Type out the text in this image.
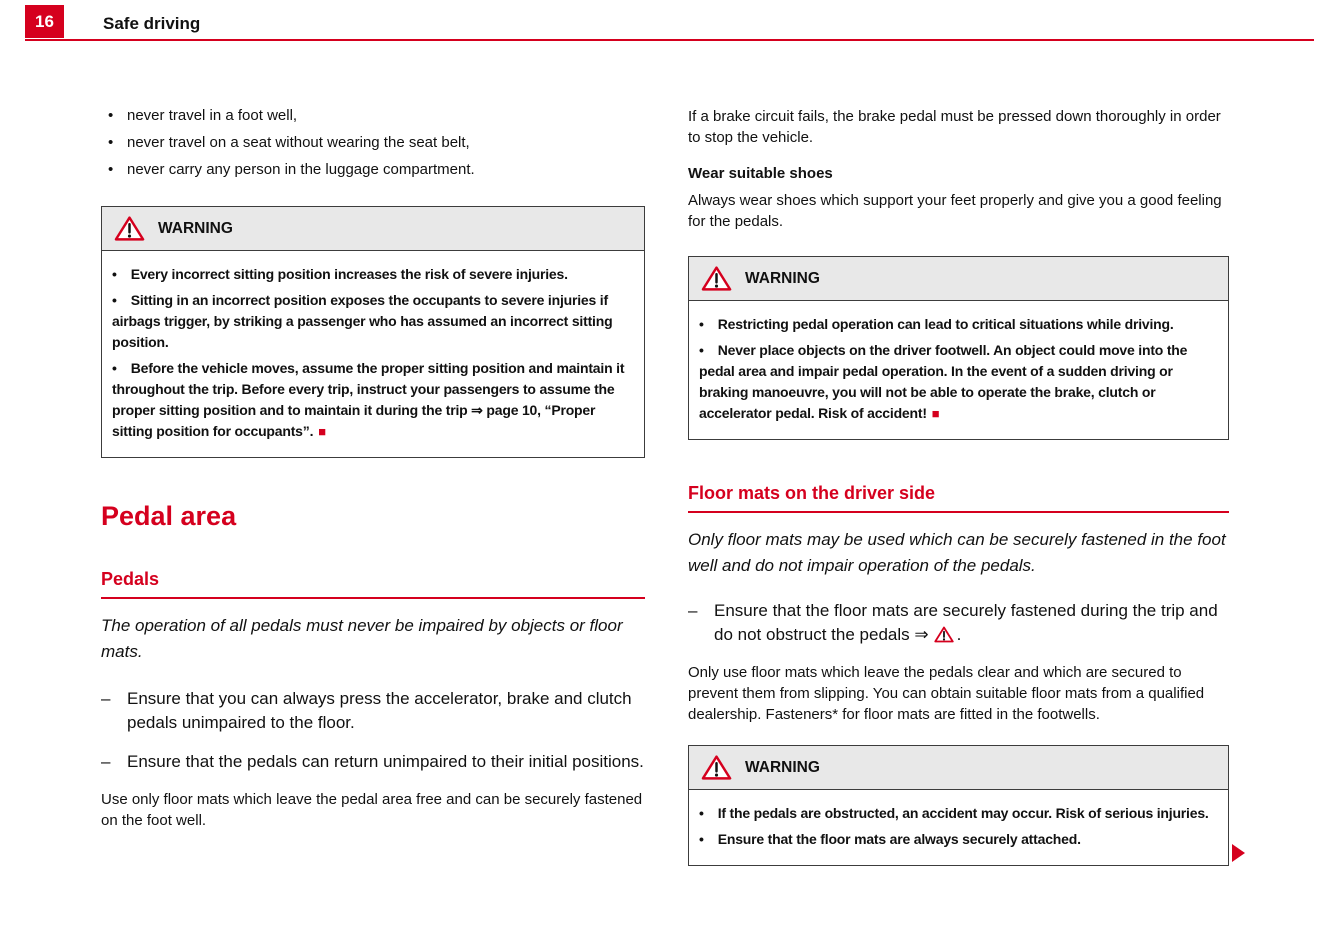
16	Safe driving
• never travel in a foot well,
• never travel on a seat without wearing the seat belt,
• never carry any person in the luggage compartment.
WARNING

• Every incorrect sitting position increases the risk of severe injuries.

• Sitting in an incorrect position exposes the occupants to severe injuries if airbags trigger, by striking a passenger who has assumed an incorrect sitting position.

• Before the vehicle moves, assume the proper sitting position and maintain it throughout the trip. Before every trip, instruct your passengers to assume the proper sitting position and to maintain it during the trip ⇒ page 10, “Proper sitting position for occupants”. ■

Pedal area
Pedals

The operation of all pedals must never be impaired by objects or floor mats.

– Ensure that you can always press the accelerator, brake and clutch pedals unimpaired to the floor.
– Ensure that the pedals can return unimpaired to their initial positions.

Use only floor mats which leave the pedal area free and can be securely fastened on the foot well.

If a brake circuit fails, the brake pedal must be pressed down thoroughly in order to stop the vehicle.

Wear suitable shoes

Always wear shoes which support your feet properly and give you a good feeling for the pedals.

WARNING

• Restricting pedal operation can lead to critical situations while driving.

• Never place objects on the driver footwell. An object could move into the pedal area and impair pedal operation. In the event of a sudden driving or braking manoeuvre, you will not be able to operate the brake, clutch or accelerator pedal. Risk of accident! ■

Floor mats on the driver side

Only floor mats may be used which can be securely fastened in the foot well and do not impair operation of the pedals.

– Ensure that the floor mats are securely fastened during the trip and do not obstruct the pedals ⇒ .

Only use floor mats which leave the pedals clear and which are secured to prevent them from slipping. You can obtain suitable floor mats from a qualified dealership. Fasteners* for floor mats are fitted in the footwells.

WARNING

• If the pedals are obstructed, an accident may occur. Risk of serious injuries.

• Ensure that the floor mats are always securely attached.
